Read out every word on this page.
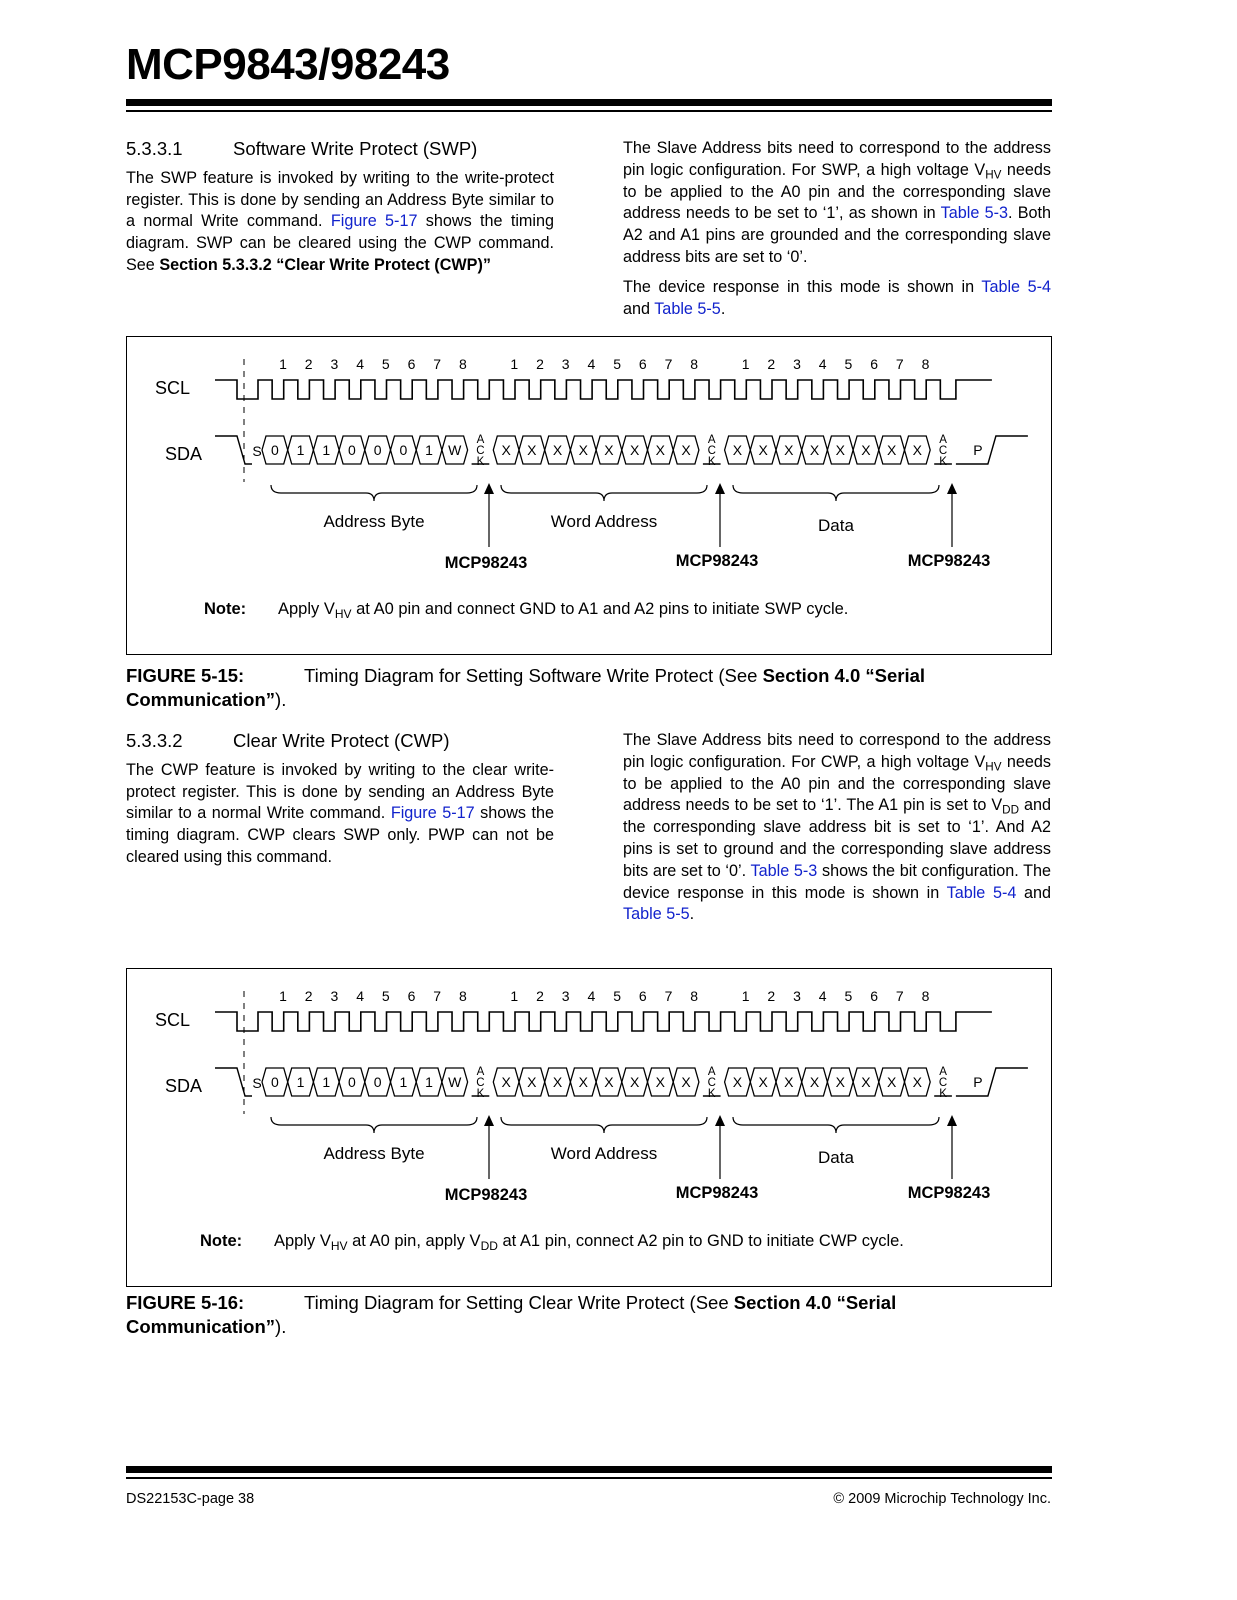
MCP9843/98243
5.3.3.1	Software Write Protect (SWP)

The SWP feature is invoked by writing to the write-protect register. This is done by sending an Address Byte similar to a normal Write command. Figure 5-17 shows the timing diagram. SWP can be cleared using the CWP command. See Section 5.3.3.2 “Clear Write Protect (CWP)”

The Slave Address bits need to correspond to the address pin logic configuration. For SWP, a high voltage $V_{HV}$ needs to be applied to the A0 pin and the corresponding slave address needs to be set to ‘1’, as shown in Table 5-3. Both A2 and A1 pins are grounded and the corresponding slave address bits are set to ‘0’.

The device response in this mode is shown in Table 5-4 and Table 5-5.

SCL
SDA
1 2 3 4 5 6 7 8	1 2 3 4 5 6 7 8	1 2 3 4 5 6 7 8
S 0 1 1 0 0 0 1 W
A
C
K
X X X X X X X X
A
C
K
X X X X X X X X
A
C
K
P
Address Byte
MCP98243
Word Address
MCP98243
Data
MCP98243
Note: Apply $V_{HV}$ at A0 pin and connect GND to A1 and A2 pins to initiate SWP cycle.
FIGURE 5-15:	Timing Diagram for Setting Software Write Protect (See Section 4.0 “Serial Communication”).
5.3.3.2	Clear Write Protect (CWP)

The CWP feature is invoked by writing to the clear write-protect register. This is done by sending an Address Byte similar to a normal Write command. Figure 5-17 shows the timing diagram. CWP clears SWP only. PWP can not be cleared using this command.

The Slave Address bits need to correspond to the address pin logic configuration. For CWP, a high voltage $V_{HV}$ needs to be applied to the A0 pin and the corresponding slave address needs to be set to ‘1’. The A1 pin is set to $V_{DD}$ and the corresponding slave address bit is set to ‘1’. And A2 pins is set to ground and the corresponding slave address bits are set to ‘0’. Table 5-3 shows the bit configuration. The device response in this mode is shown in Table 5-4 and Table 5-5.

SCL
SDA
1 2 3 4 5 6 7 8	1 2 3 4 5 6 7 8	1 2 3 4 5 6 7 8
S 0 1 1 0 0 1 1 W
A
C
K
X X X X X X X X
A
C
K
X X X X X X X X
A
C
K
P
Address Byte
MCP98243
Word Address
MCP98243
Data
MCP98243
Note: Apply $V_{HV}$ at A0 pin, apply $V_{DD}$ at A1 pin, connect A2 pin to GND to initiate CWP cycle.
FIGURE 5-16:	Timing Diagram for Setting Clear Write Protect (See Section 4.0 “Serial Communication”).
DS22153C-page 38	© 2009 Microchip Technology Inc.
